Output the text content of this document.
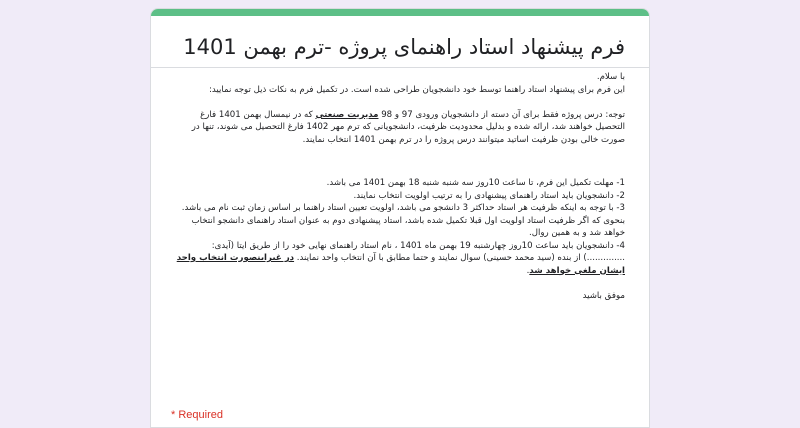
فرم پیشنهاد استاد راهنمای پروژه -ترم بهمن 1401

با سلام.

این فرم برای پیشنهاد استاد راهنما توسط خود دانشجویان طراحی شده است. در تکمیل فرم به نکات ذیل توجه نمایید:

توجه: درس پروژه فقط برای آن دسته از دانشجویان ورودی 97 و 98 مدیریت صنعتی که در نیمسال بهمن 1401 فارغ التحصیل خواهند شد، ارائه شده و بدلیل محدودیت ظرفیت، دانشجویانی که ترم مهر 1402 فارغ التحصیل می شوند، تنها در صورت خالی بودن ظرفیت اساتید میتوانند درس پروژه را در ترم بهمن 1401 انتخاب نمایند.

1- مهلت تکمیل این فرم، تا ساعت 10روز سه شنبه شنبه 18 بهمن 1401 می باشد.

2- دانشجویان باید استاد راهنمای پیشنهادی را به ترتیب اولویت انتخاب نمایند.

3- با توجه به اینکه ظرفیت هر استاد حداکثر 3 دانشجو می باشد، اولویت تعیین استاد راهنما بر اساس زمان ثبت نام می باشد. بنحوی که اگر ظرفیت استاد اولویت اول قبلا تکمیل شده باشد، استاد پیشنهادی دوم به عنوان استاد راهنمای دانشجو انتخاب خواهد شد و به همین روال.

4- دانشجویان باید ساعت 10روز چهارشنبه 19 بهمن ماه 1401 ، نام استاد راهنمای نهایی خود را از طریق ایتا (آیدی: ..............) از بنده (سید محمد حسینی) سوال نمایند و حتما مطابق با آن انتخاب واحد نمایند. در غیراینصورت انتخاب واحد ایشان ملغی خواهد شد.

موفق باشید

* Required
